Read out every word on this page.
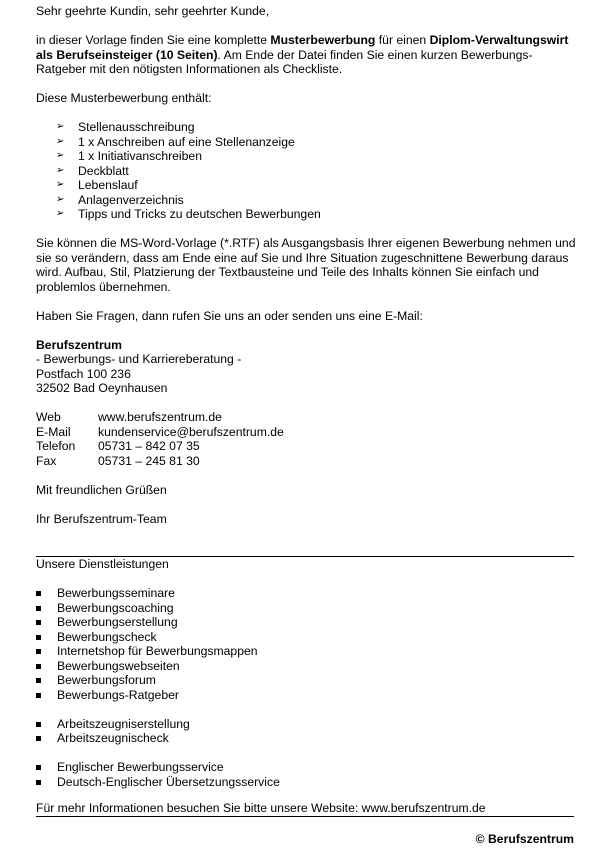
Sehr geehrte Kundin, sehr geehrter Kunde,

in dieser Vorlage finden Sie eine komplette Musterbewerbung für einen Diplom-Verwaltungswirt als Berufseinsteiger (10 Seiten). Am Ende der Datei finden Sie einen kurzen Bewerbungs-Ratgeber mit den nötigsten Informationen als Checkliste.

Diese Musterbewerbung enthält:

➢ Stellenausschreibung
➢ 1 x Anschreiben auf eine Stellenanzeige
➢ 1 x Initiativanschreiben
➢ Deckblatt
➢ Lebenslauf
➢ Anlagenverzeichnis
➢ Tipps und Tricks zu deutschen Bewerbungen

Sie können die MS-Word-Vorlage (*.RTF) als Ausgangsbasis Ihrer eigenen Bewerbung nehmen und sie so verändern, dass am Ende eine auf Sie und Ihre Situation zugeschnittene Bewerbung daraus wird. Aufbau, Stil, Platzierung der Textbausteine und Teile des Inhalts können Sie einfach und problemlos übernehmen.

Haben Sie Fragen, dann rufen Sie uns an oder senden uns eine E-Mail:

Berufszentrum

- Bewerbungs- und Karriereberatung -

Postfach 100 236

32502 Bad Oeynhausen

Web	www.berufszentrum.de
E-Mail	kundenservice@berufszentrum.de
Telefon	05731 – 842 07 35
Fax	05731 – 245 81 30

Mit freundlichen Grüßen

Ihr Berufszentrum-Team

Unsere Dienstleistungen

Bewerbungsseminare
Bewerbungscoaching
Bewerbungserstellung
Bewerbungscheck
Internetshop für Bewerbungsmappen
Bewerbungswebseiten
Bewerbungsforum
Bewerbungs-Ratgeber
Arbeitszeugniserstellung
Arbeitszeugnischeck
Englischer Bewerbungsservice
Deutsch-Englischer Übersetzungsservice

Für mehr Informationen besuchen Sie bitte unsere Website: www.berufszentrum.de

© Berufszentrum
